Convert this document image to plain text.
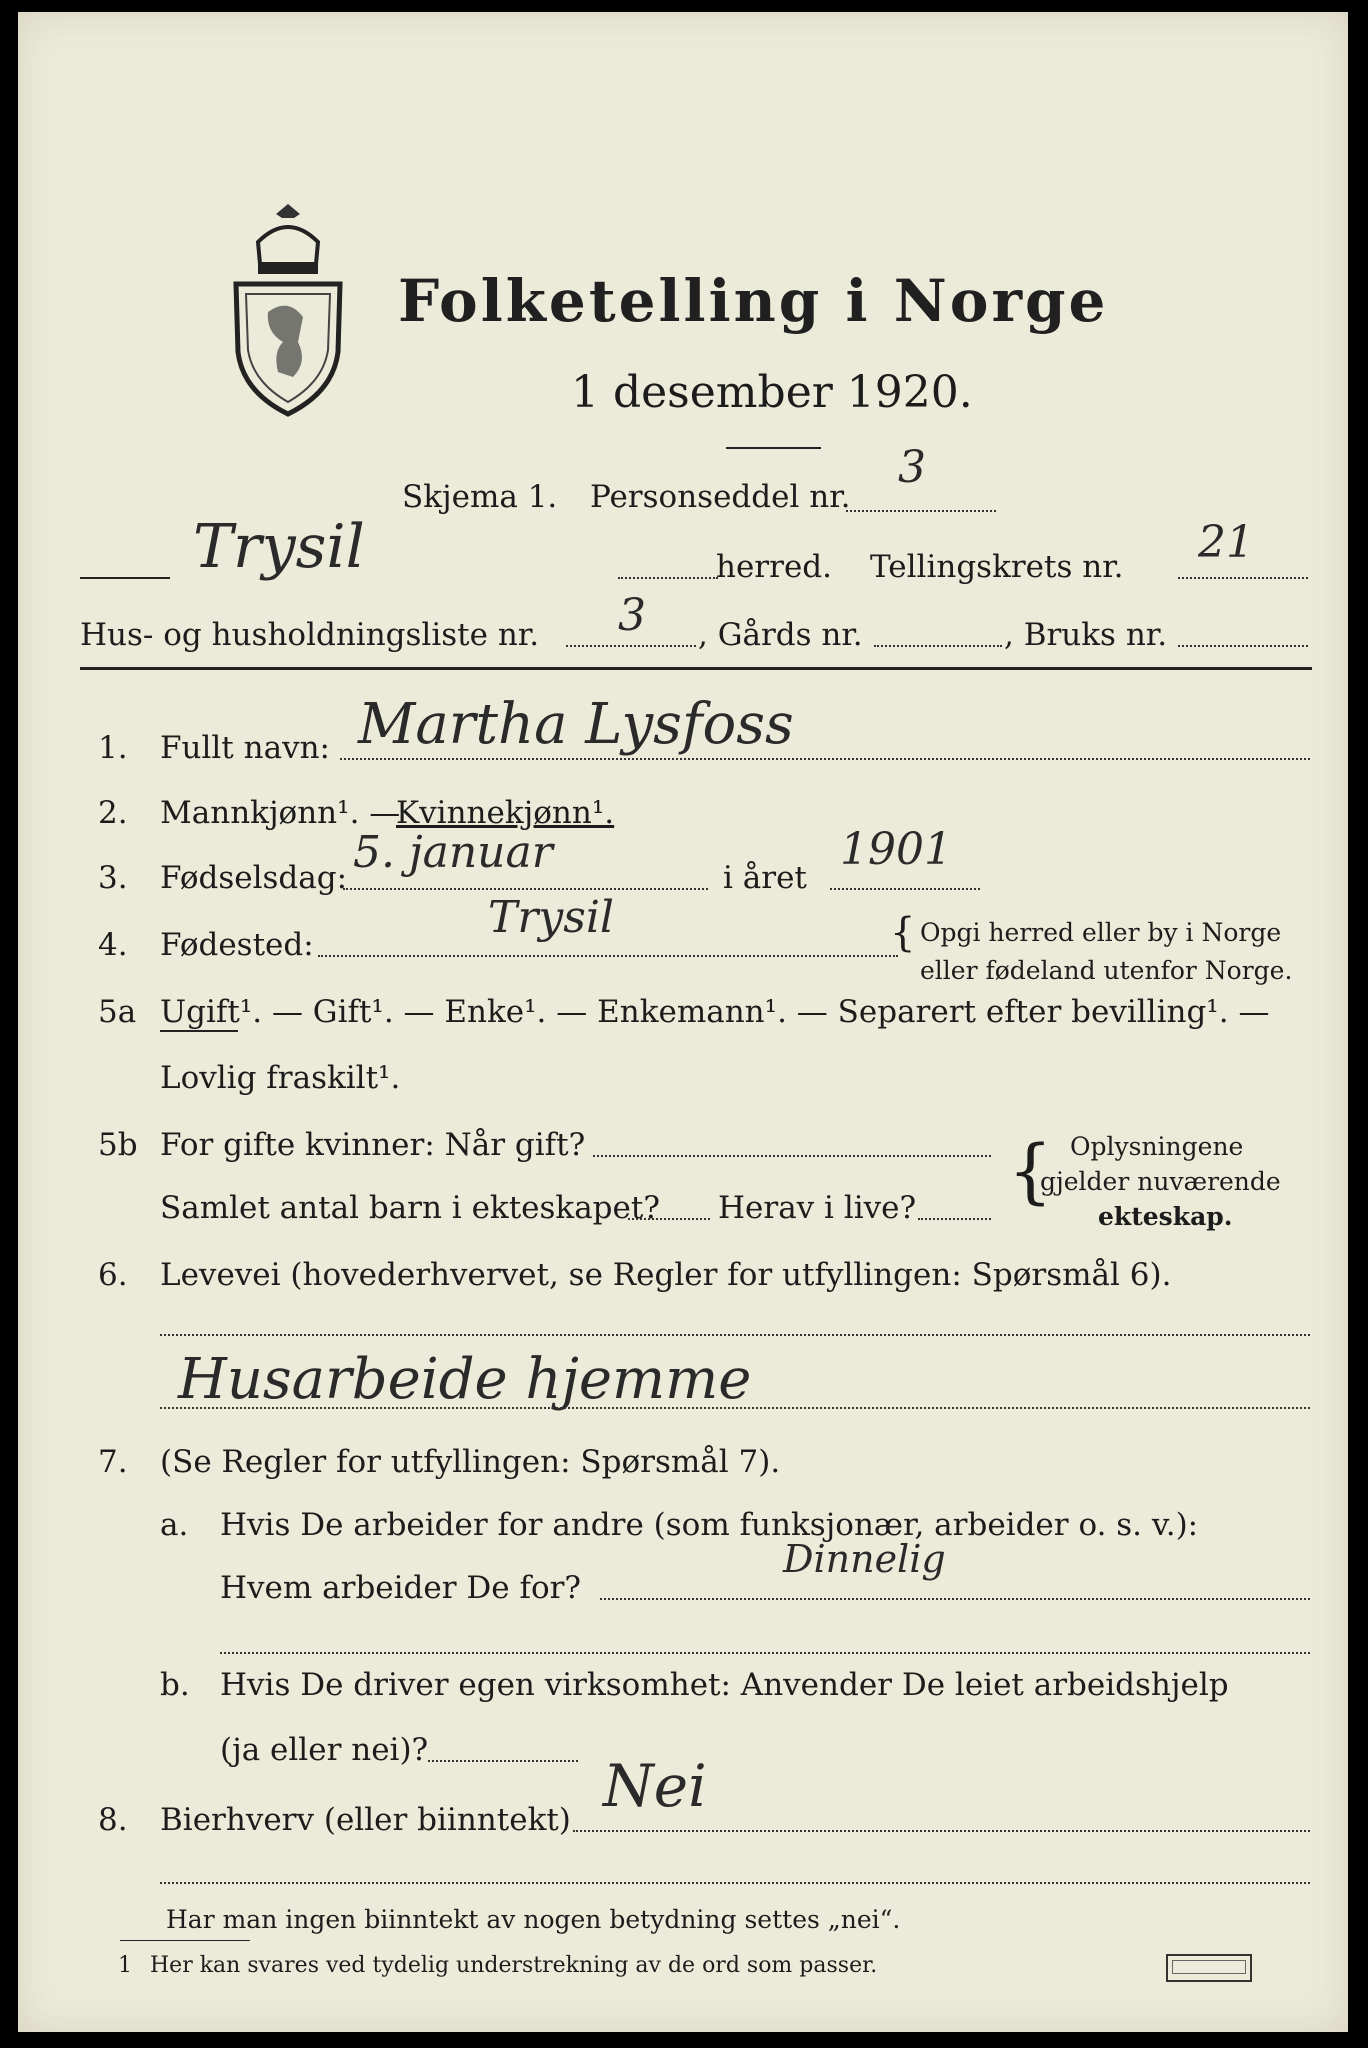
Folketelling i Norge
1 desember 1920.
Skjema 1. Personseddel nr.
3
Trysil	herred. Tellingskrets nr. 21
Hus- og husholdningsliste nr. 3 , Gårds nr.	, Bruks nr.
1. Fullt navn: Martha Lysfoss
2. Mannkjønn¹. —
Kvinnekjønn¹.
3. Fødselsdag: 5. januar	i året
1901
4. Fødested:
Trysil	{ Opgi herred eller by i Norge
eller fødeland utenfor Norge.
5a Ugift¹. — Gift¹. — Enke¹. — Enkemann¹. — Separert efter bevilling¹. —
Lovlig fraskilt¹.
5b For gifte kvinner: Når gift?
Samlet antal barn i ekteskapet? Herav i live? { Oplysningene
gjelder nuværende
ekteskap.
6. Levevei (hovederhvervet, se Regler for utfyllingen: Spørsmål 6).
Husarbeide hjemme
7. (Se Regler for utfyllingen: Spørsmål 7).
a. Hvis De arbeider for andre (som funksjonær, arbeider o. s. v.):
Hvem arbeider De for?
Dinnelig
b. Hvis De driver egen virksomhet: Anvender De leiet arbeidshjelp
(ja eller nei)?
8. Bierhverv (eller biinntekt) Nei
Har man ingen biinntekt av nogen betydning settes „nei“.
1 Her kan svares ved tydelig understrekning av de ord som passer.
